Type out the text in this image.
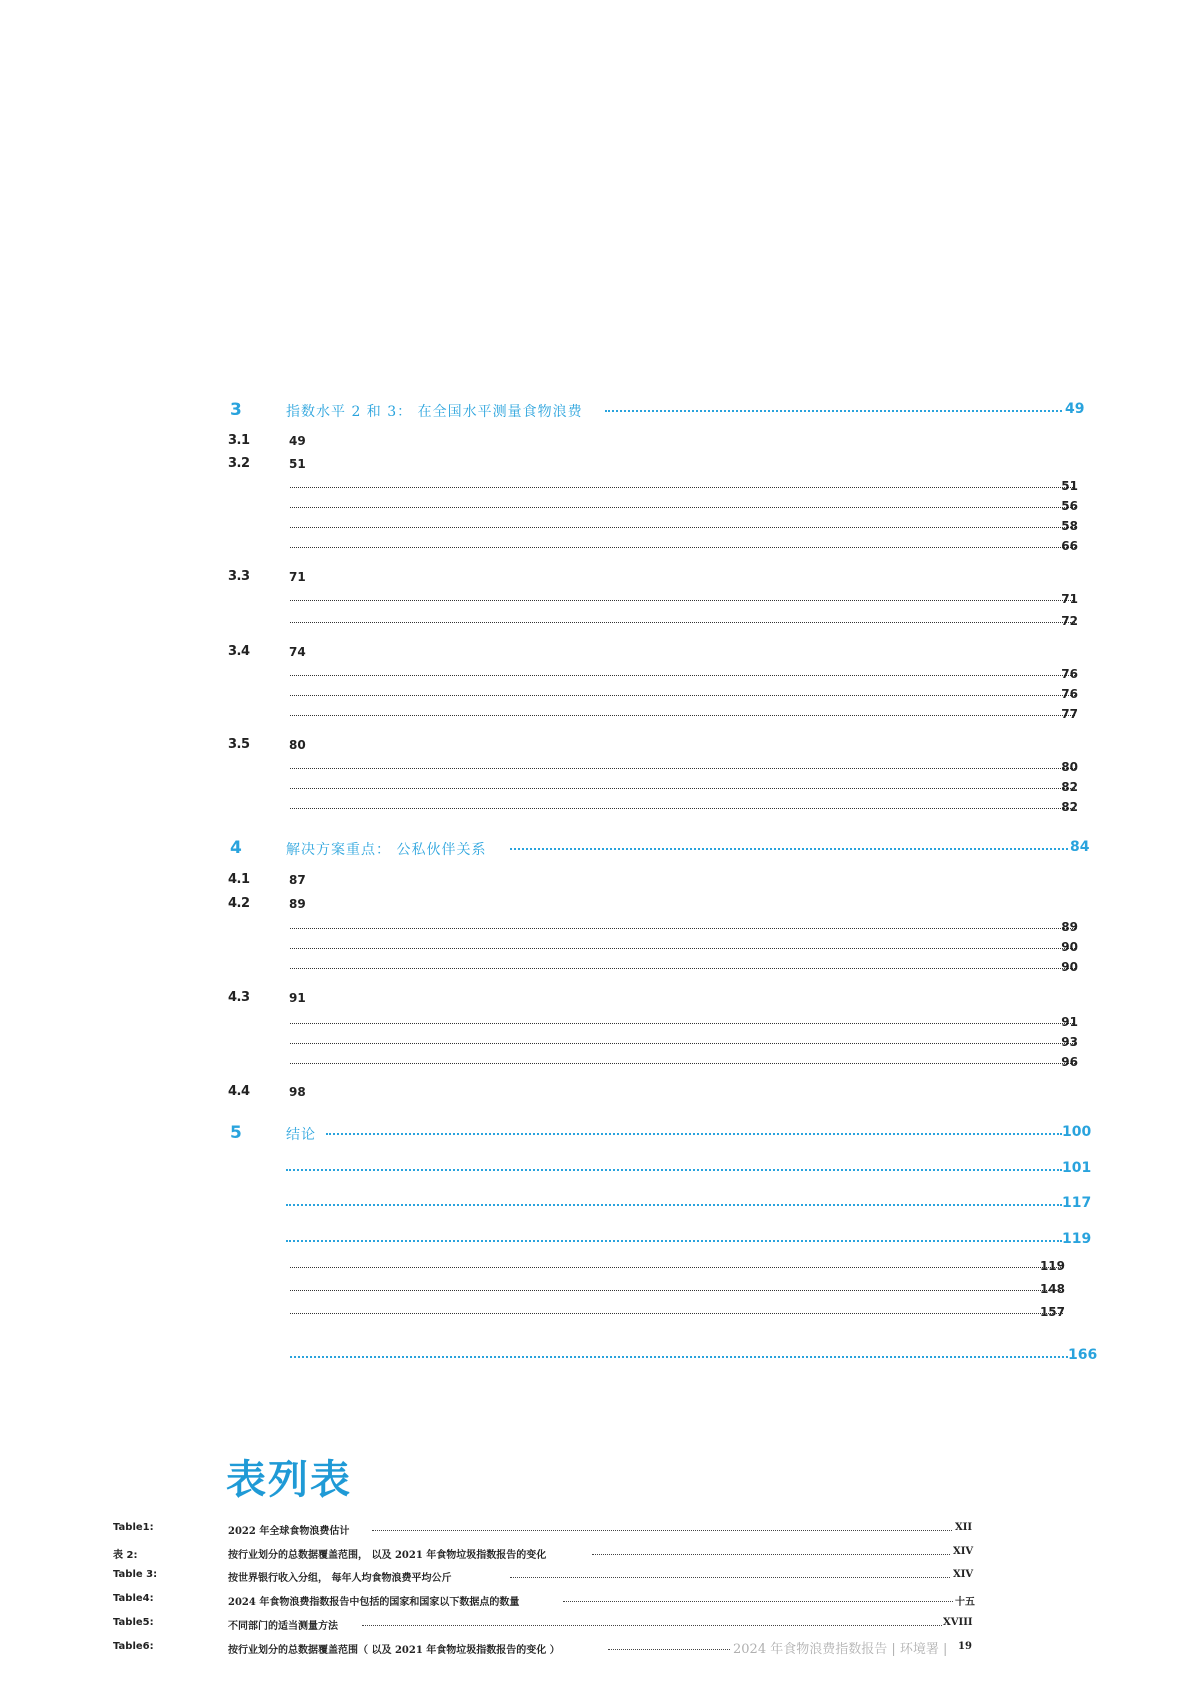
3	指数水平 2 和 3： 在全国水平测量食物浪费	49
3.1	49
3.2	51
51
56
58
66
3.3	71
71
72
3.4	74
76
76
77
3.5	80
80
82
82
4	解决方案重点： 公私伙伴关系	84
4.1	87
4.2	89
89
90
90
4.3	91
91
93
96
4.4	98
5	结论	100
101
117
119
119
148
157
166
表列表
Table1:	2022 年全球食物浪费估计	XII
表 2:	按行业划分的总数据覆盖范围， 以及 2021 年食物垃圾指数报告的变化	XIV
Table 3:	按世界银行收入分组， 每年人均食物浪费平均公斤	XIV
Table4:	2024 年食物浪费指数报告中包括的国家和国家以下数据点的数量	十五
Table5:	不同部门的适当测量方法	XVIII
Table6:	按行业划分的总数据覆盖范围（ 以及 2021 年食物垃圾指数报告的变化 ）	19
2024 年食物浪费指数报告 | 环境署 |
